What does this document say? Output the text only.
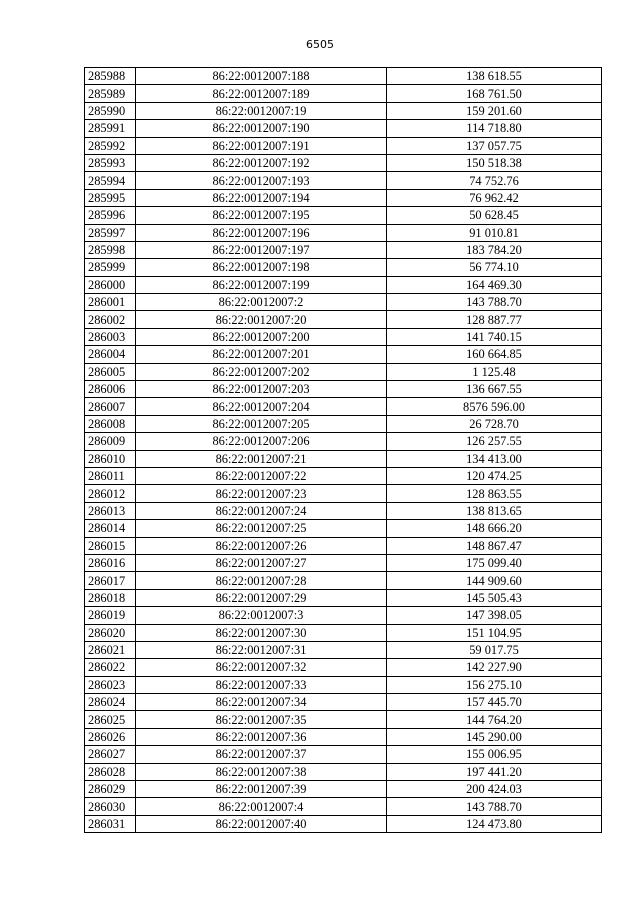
6505
285988	86:22:0012007:188	138 618.55
285989	86:22:0012007:189	168 761.50
285990	86:22:0012007:19	159 201.60
285991	86:22:0012007:190	114 718.80
285992	86:22:0012007:191	137 057.75
285993	86:22:0012007:192	150 518.38
285994	86:22:0012007:193	74 752.76
285995	86:22:0012007:194	76 962.42
285996	86:22:0012007:195	50 628.45
285997	86:22:0012007:196	91 010.81
285998	86:22:0012007:197	183 784.20
285999	86:22:0012007:198	56 774.10
286000	86:22:0012007:199	164 469.30
286001	86:22:0012007:2	143 788.70
286002	86:22:0012007:20	128 887.77
286003	86:22:0012007:200	141 740.15
286004	86:22:0012007:201	160 664.85
286005	86:22:0012007:202	1 125.48
286006	86:22:0012007:203	136 667.55
286007	86:22:0012007:204	8576 596.00
286008	86:22:0012007:205	26 728.70
286009	86:22:0012007:206	126 257.55
286010	86:22:0012007:21	134 413.00
286011	86:22:0012007:22	120 474.25
286012	86:22:0012007:23	128 863.55
286013	86:22:0012007:24	138 813.65
286014	86:22:0012007:25	148 666.20
286015	86:22:0012007:26	148 867.47
286016	86:22:0012007:27	175 099.40
286017	86:22:0012007:28	144 909.60
286018	86:22:0012007:29	145 505.43
286019	86:22:0012007:3	147 398.05
286020	86:22:0012007:30	151 104.95
286021	86:22:0012007:31	59 017.75
286022	86:22:0012007:32	142 227.90
286023	86:22:0012007:33	156 275.10
286024	86:22:0012007:34	157 445.70
286025	86:22:0012007:35	144 764.20
286026	86:22:0012007:36	145 290.00
286027	86:22:0012007:37	155 006.95
286028	86:22:0012007:38	197 441.20
286029	86:22:0012007:39	200 424.03
286030	86:22:0012007:4	143 788.70
286031	86:22:0012007:40	124 473.80
